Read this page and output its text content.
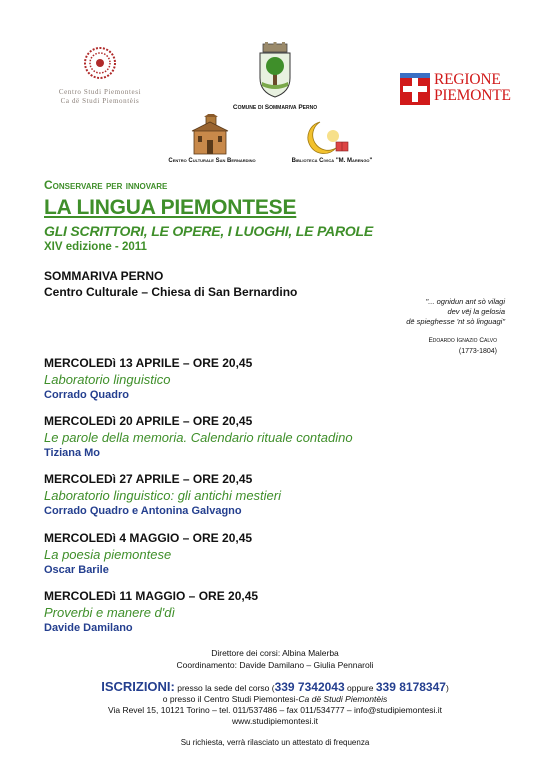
Centro Studi Piemontesi
Ca dë Studi Piemontèis
Comune di Sommariva Perno
REGIONE
PIEMONTE
Centro Culturale San Bernardino	Biblioteca Civica "M. Marengo"
Conservare per innovare
LA LINGUA PIEMONTESE
GLI SCRITTORI, LE OPERE, I LUOGHI, LE PAROLE
XIV edizione - 2011
SOMMARIVA PERNO
Centro Culturale – Chiesa di San Bernardino
"... ognidun ant sò vilagi
dev vëj la gelosia
dë spieghesse 'nt sò linguagi"
Edoardo Ignazio Calvo
(1773-1804)
MERCOLEDì 13 APRILE – ORE 20,45
Laboratorio linguistico
Corrado Quadro
MERCOLEDì 20 APRILE – ORE 20,45
Le parole della memoria. Calendario rituale contadino
Tiziana Mo
MERCOLEDì 27 APRILE – ORE 20,45
Laboratorio linguistico: gli antichi mestieri
Corrado Quadro e Antonina Galvagno
MERCOLEDì 4 MAGGIO – ORE 20,45
La poesia piemontese
Oscar Barile
MERCOLEDì 11 MAGGIO – ORE 20,45
Proverbi e manere d'dì
Davide Damilano
Direttore dei corsi: Albina Malerba
Coordinamento: Davide Damilano – Giulia Pennaroli
ISCRIZIONI: presso la sede del corso (339 7342043 oppure 339 8178347)
o presso il Centro Studi Piemontesi-Ca dë Studi Piemontèis
Via Revel 15, 10121 Torino – tel. 011/537486 – fax 011/534777 – info@studipiemontesi.it
www.studipiemontesi.it
Su richiesta, verrà rilasciato un attestato di frequenza
